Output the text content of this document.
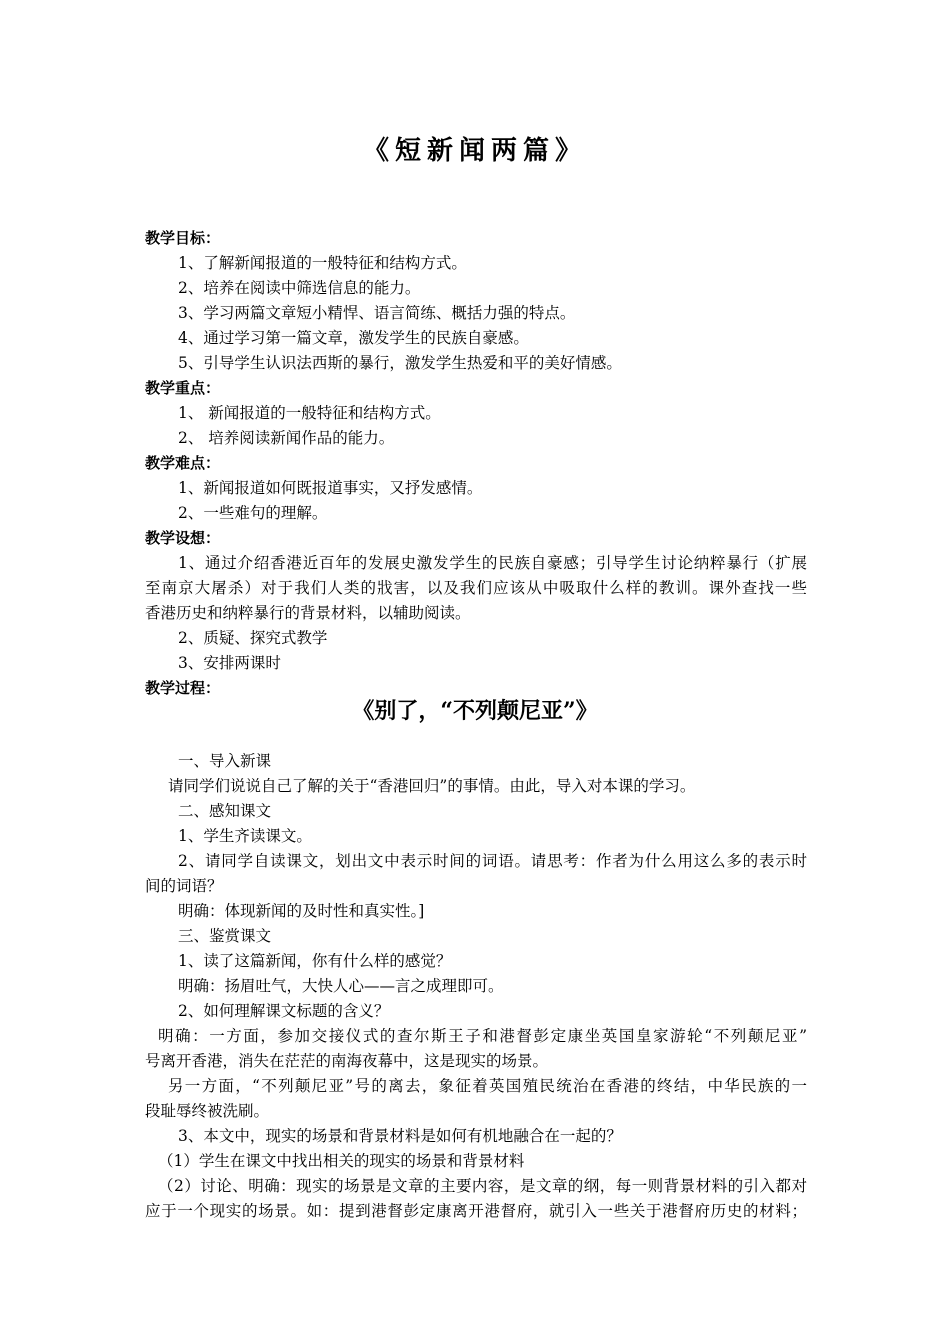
《短新闻两篇》
教学目标：
1、了解新闻报道的一般特征和结构方式。
2、培养在阅读中筛选信息的能力。
3、学习两篇文章短小精悍、语言简练、概括力强的特点。
4、通过学习第一篇文章，激发学生的民族自豪感。
5、引导学生认识法西斯的暴行，激发学生热爱和平的美好情感。
教学重点：
1、 新闻报道的一般特征和结构方式。
2、 培养阅读新闻作品的能力。
教学难点：
1、新闻报道如何既报道事实，又抒发感情。
2、一些难句的理解。
教学设想：
1、通过介绍香港近百年的发展史激发学生的民族自豪感；引导学生讨论纳粹暴行（扩展
至南京大屠杀）对于我们人类的戕害，以及我们应该从中吸取什么样的教训。课外查找一些
香港历史和纳粹暴行的背景材料，以辅助阅读。
2、质疑、探究式教学
3、安排两课时
教学过程：
《别了，“不列颠尼亚”》
一、导入新课
请同学们说说自己了解的关于“香港回归”的事情。由此，导入对本课的学习。
二、感知课文
1、学生齐读课文。
2、请同学自读课文，划出文中表示时间的词语。请思考：作者为什么用这么多的表示时
间的词语？
明确：体现新闻的及时性和真实性。]
三、鉴赏课文
1、读了这篇新闻，你有什么样的感觉？
明确：扬眉吐气，大快人心——言之成理即可。
2、如何理解课文标题的含义？
明确：一方面，参加交接仪式的查尔斯王子和港督彭定康坐英国皇家游轮“不列颠尼亚”
号离开香港，消失在茫茫的南海夜幕中，这是现实的场景。
另一方面，“不列颠尼亚”号的离去，象征着英国殖民统治在香港的终结，中华民族的一
段耻辱终被洗刷。
3、本文中，现实的场景和背景材料是如何有机地融合在一起的？
（1）学生在课文中找出相关的现实的场景和背景材料
（2）讨论、明确：现实的场景是文章的主要内容，是文章的纲，每一则背景材料的引入都对
应于一个现实的场景。如：提到港督彭定康离开港督府，就引入一些关于港督府历史的材料；
